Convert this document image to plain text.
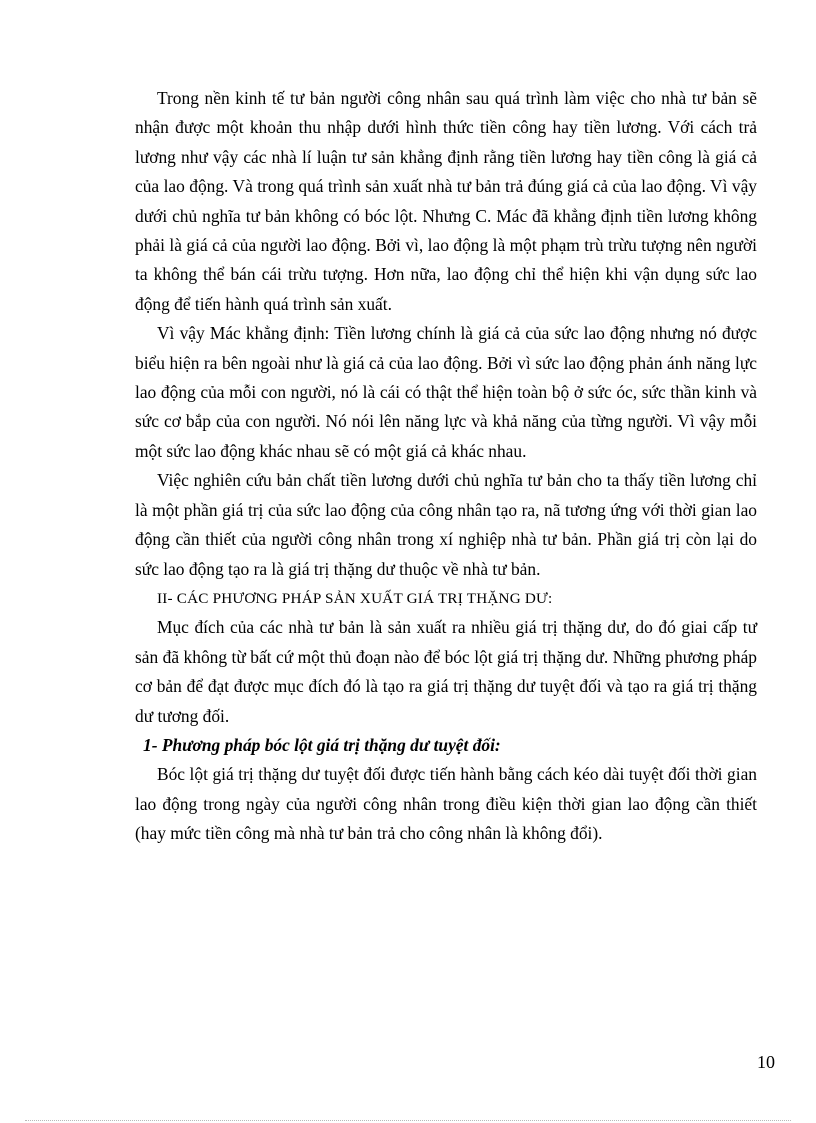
Trong nền kinh tế tư bản người công nhân sau quá trình làm việc cho nhà tư bản sẽ nhận được một khoản thu nhập dưới hình thức tiền công hay tiền lương. Với cách trả lương như vậy các nhà lí luận tư sản khẳng định rằng tiền lương hay tiền công là giá cả của lao động. Và trong quá trình sản xuất nhà tư bản trả đúng giá cả của lao động. Vì vậy dưới chủ nghĩa tư bản không có bóc lột. Nhưng C. Mác đã khẳng định tiền lương không phải là giá cả của người lao động. Bởi vì, lao động là một phạm trù trừu tượng nên người ta không thể bán cái trừu tượng. Hơn nữa, lao động chỉ thể hiện khi vận dụng sức lao động để tiến hành quá trình sản xuất.

Vì vậy Mác khẳng định: Tiền lương chính là giá cả của sức lao động nhưng nó được biểu hiện ra bên ngoài như là giá cả của lao động. Bởi vì sức lao động phản ánh năng lực lao động của mỗi con người, nó là cái có thật thể hiện toàn bộ ở sức óc, sức thần kinh và sức cơ bắp của con người. Nó nói lên năng lực và khả năng của từng người. Vì vậy mỗi một sức lao động khác nhau sẽ có một giá cả khác nhau.

Việc nghiên cứu bản chất tiền lương dưới chủ nghĩa tư bản cho ta thấy tiền lương chỉ là một phần giá trị của sức lao động của công nhân tạo ra, nã tương ứng với thời gian lao động cần thiết của người công nhân trong xí nghiệp nhà tư bản. Phần giá trị còn lại do sức lao động tạo ra là giá trị thặng dư thuộc về nhà tư bản.

II- CÁC PHƯƠNG PHÁP SẢN XUẤT GIÁ TRỊ THẶNG DƯ:

Mục đích của các nhà tư bản là sản xuất ra nhiều giá trị thặng dư, do đó giai cấp tư sản đã không từ bất cứ một thủ đoạn nào để bóc lột giá trị thặng dư. Những phương pháp cơ bản để đạt được mục đích đó là tạo ra giá trị thặng dư tuyệt đối và tạo ra giá trị thặng dư tương đối.

1- Phương pháp bóc lột giá trị thặng dư tuyệt đối:

Bóc lột giá trị thặng dư tuyệt đối được tiến hành bằng cách kéo dài tuyệt đối thời gian lao động trong ngày của người công nhân trong điều kiện thời gian lao động cần thiết (hay mức tiền công mà nhà tư bản trả cho công nhân là không đổi).

10
